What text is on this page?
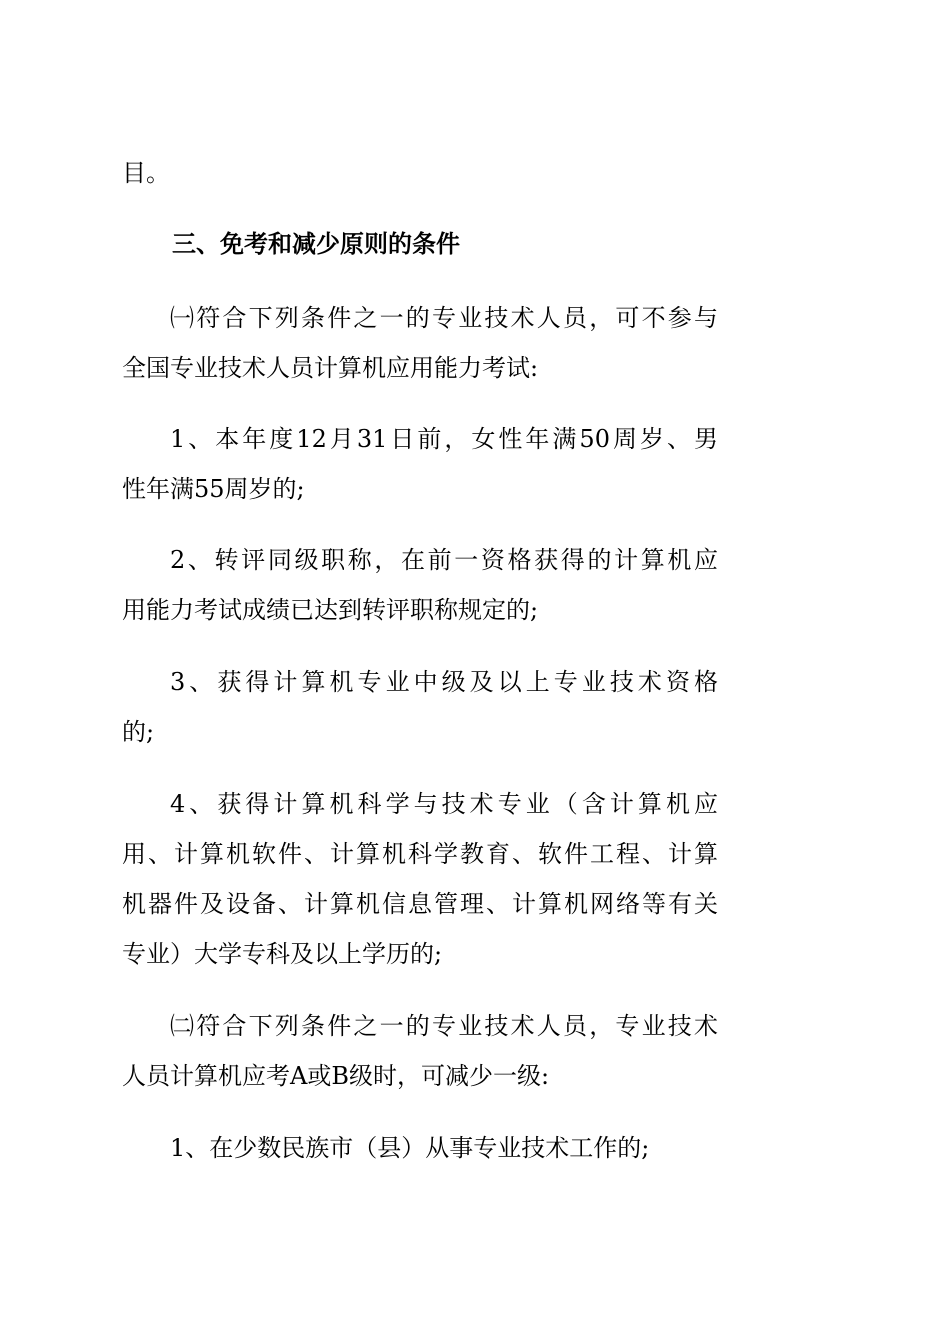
目。
三、免考和减少原则的条件
㈠符合下列条件之一的专业技术人员，可不参与
全国专业技术人员计算机应用能力考试:
1、本年度12月31日前，女性年满50周岁、男
性年满55周岁的;
2、转评同级职称，在前一资格获得的计算机应
用能力考试成绩已达到转评职称规定的;
3、获得计算机专业中级及以上专业技术资格
的;
4、获得计算机科学与技术专业（含计算机应
用、计算机软件、计算机科学教育、软件工程、计算
机器件及设备、计算机信息管理、计算机网络等有关
专业）大学专科及以上学历的;
㈡符合下列条件之一的专业技术人员，专业技术
人员计算机应考A或B级时，可减少一级:
1、在少数民族市（县）从事专业技术工作的;
